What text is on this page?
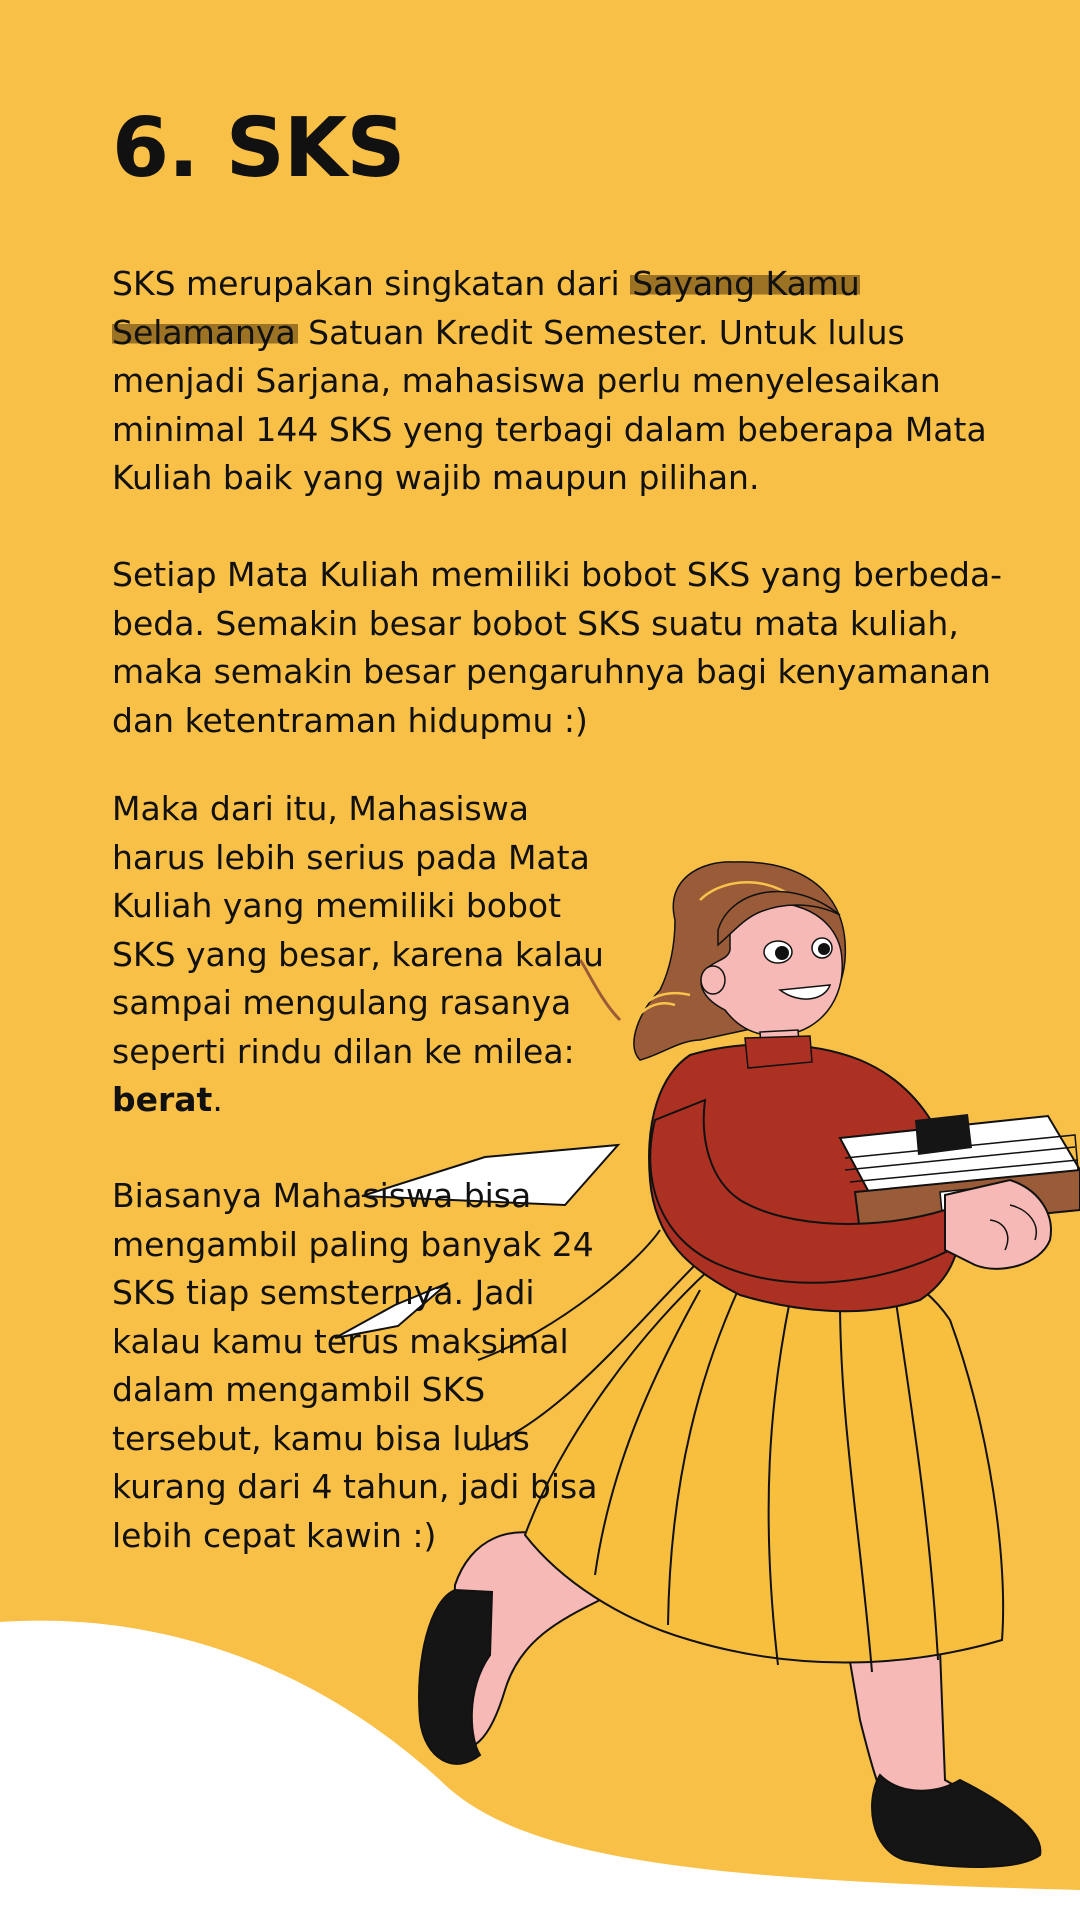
6. SKS

SKS merupakan singkatan dari Sayang Kamu Selamanya Satuan Kredit Semester. Untuk lulus menjadi Sarjana, mahasiswa perlu menyelesaikan minimal 144 SKS yeng terbagi dalam beberapa Mata Kuliah baik yang wajib maupun pilihan.

Setiap Mata Kuliah memiliki bobot SKS yang berbeda-beda. Semakin besar bobot SKS suatu mata kuliah, maka semakin besar pengaruhnya bagi kenyamanan dan ketentraman hidupmu :)

Maka dari itu, Mahasiswa harus lebih serius pada Mata Kuliah yang memiliki bobot SKS yang besar, karena kalau sampai mengulang rasanya seperti rindu dilan ke milea: berat.

Biasanya Mahasiswa bisa mengambil paling banyak 24 SKS tiap semsternya. Jadi kalau kamu terus maksimal dalam mengambil SKS tersebut, kamu bisa lulus kurang dari 4 tahun, jadi bisa lebih cepat kawin :)
